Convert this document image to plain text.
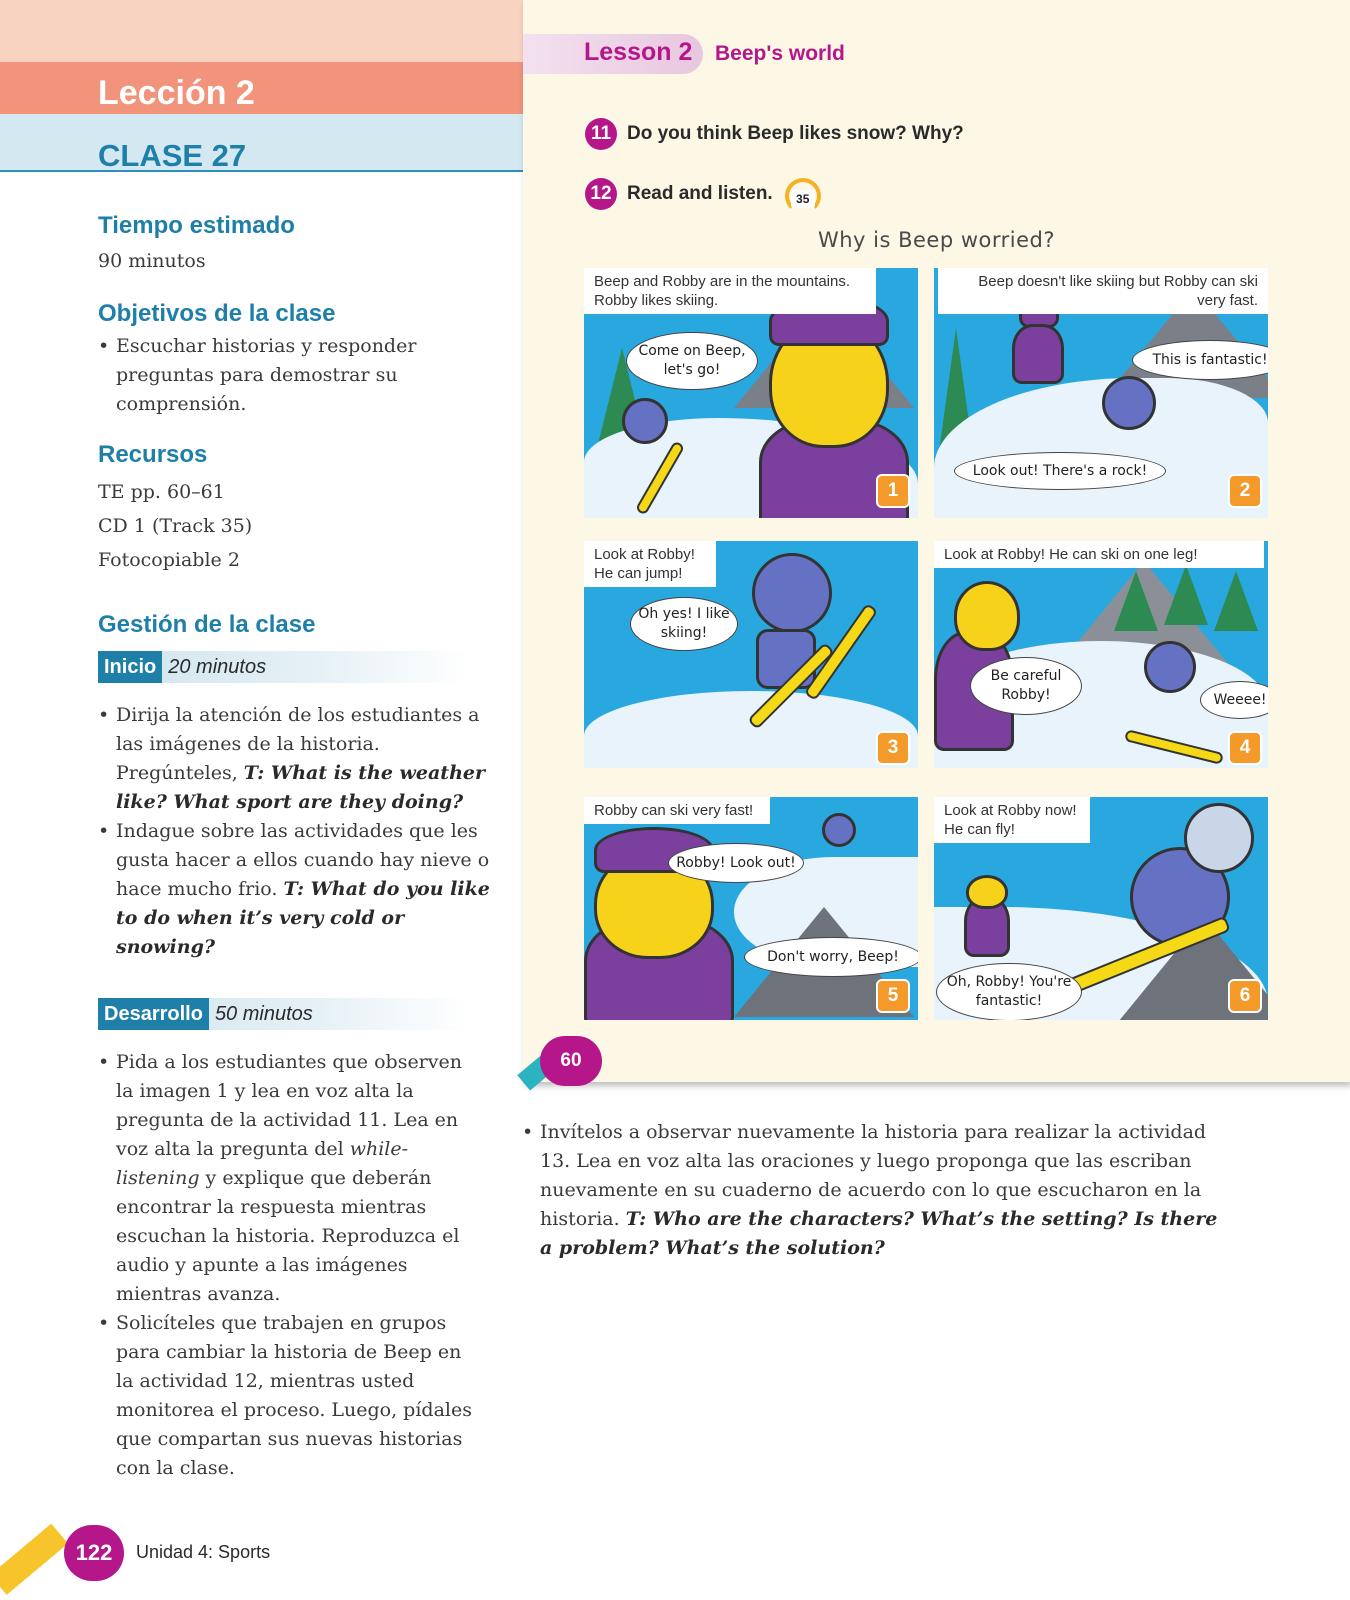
Lección 2
CLASE 27
Tiempo estimado
90 minutos
Objetivos de la clase
• Escuchar historias y responder preguntas para demostrar su comprensión.
Recursos
TE pp. 60–61
CD 1 (Track 35)
Fotocopiable 2
Gestión de la clase
Inicio 20 minutos
• Dirija la atención de los estudiantes a las imágenes de la historia. Pregúnteles, T: What is the weather like? What sport are they doing?
• Indague sobre las actividades que les gusta hacer a ellos cuando hay nieve o hace mucho frio. T: What do you like to do when it’s very cold or snowing?
Desarrollo 50 minutos
• Pida a los estudiantes que observen la imagen 1 y lea en voz alta la pregunta de la actividad 11. Lea en voz alta la pregunta del while-listening y explique que deberán encontrar la respuesta mientras escuchan la historia. Reproduzca el audio y apunte a las imágenes mientras avanza.
• Solicíteles que trabajen en grupos para cambiar la historia de Beep en la actividad 12, mientras usted monitorea el proceso. Luego, pídales que compartan sus nuevas historias con la clase.
122	Unidad 4: Sports
Lesson 2 Beep's world
11 Do you think Beep likes snow? Why?
12 Read and listen.	35
Why is Beep worried?
Beep and Robby are in the mountains. Robby likes skiing.
Come on Beep, let's go!
1
Beep doesn't like skiing but Robby can ski very fast.
This is fantastic!
Look out! There's a rock!
2
Look at Robby! He can jump!
Oh yes! I like skiing!
3
Look at Robby! He can ski on one leg!
Be careful Robby!	Weeee!
4
Robby can ski very fast!
Robby! Look out!
Don't worry, Beep!
5
Look at Robby now! He can fly!
Oh, Robby! You're fantastic!	6
60
• Invítelos a observar nuevamente la historia para realizar la actividad 13. Lea en voz alta las oraciones y luego proponga que las escriban nuevamente en su cuaderno de acuerdo con lo que escucharon en la historia. T: Who are the characters? What’s the setting? Is there a problem? What’s the solution?
